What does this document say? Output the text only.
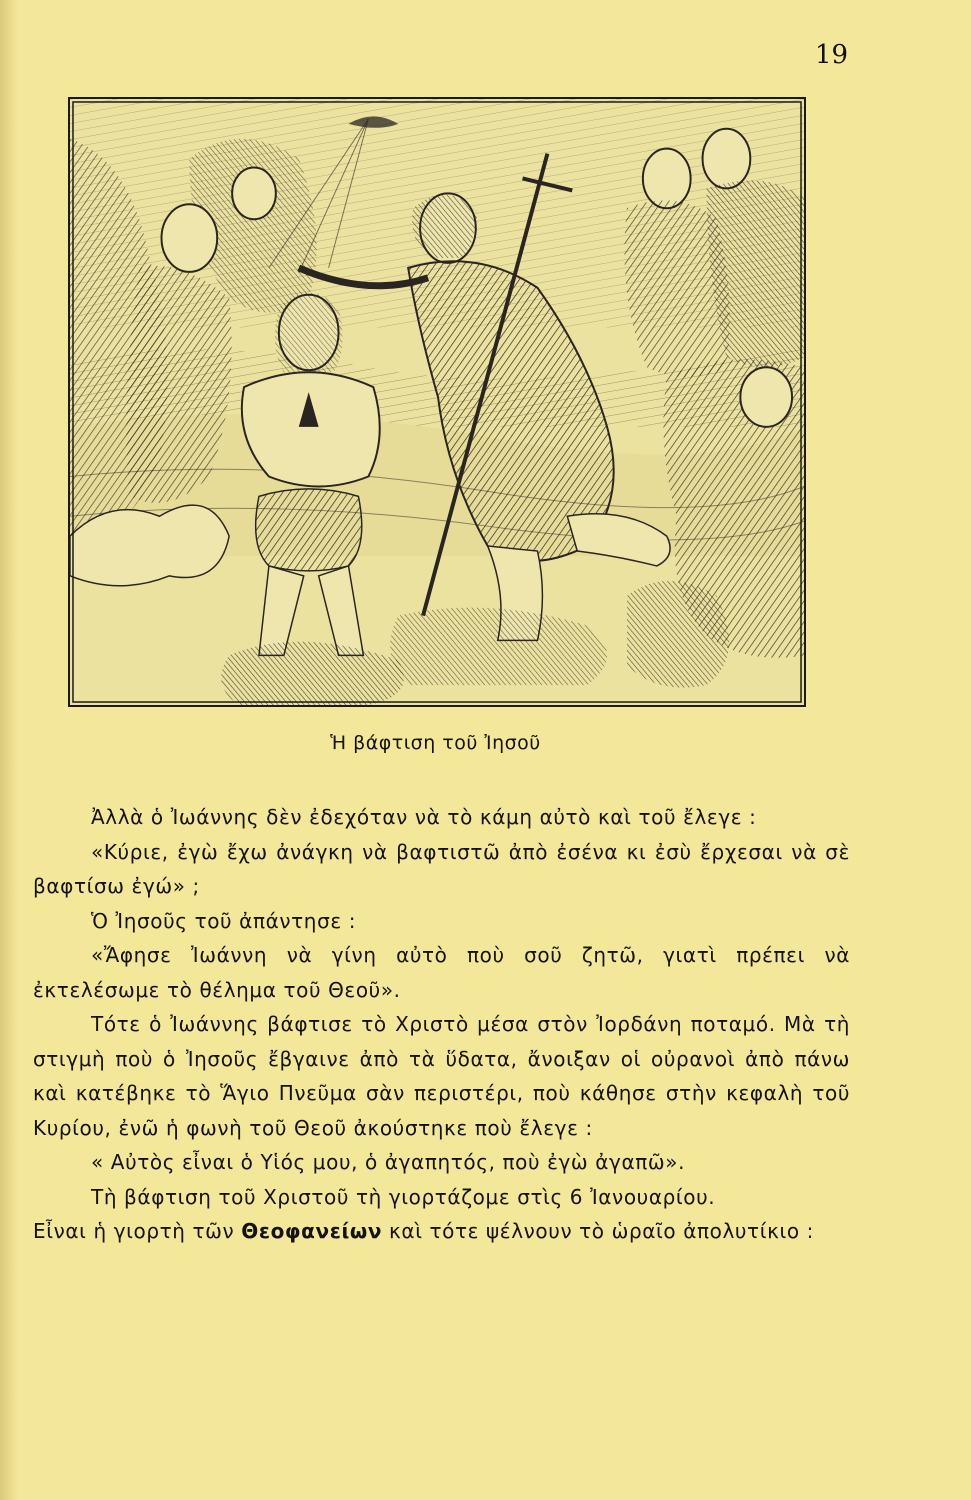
19
Ἡ βάφτιση τοῦ Ἰησοῦ

Ἀλλὰ ὁ Ἰωάννης δὲν ἐδεχόταν νὰ τὸ κάμη αὐτὸ καὶ τοῦ ἔλεγε :

«Κύριε, ἐγὼ ἔχω ἀνάγκη νὰ βαφτιστῶ ἀπὸ ἐσένα κι ἐσὺ ἔρχεσαι νὰ σὲ βαφτίσω ἐγώ» ;

Ὁ Ἰησοῦς τοῦ ἀπάντησε :

«Ἄφησε Ἰωάννη νὰ γίνη αὐτὸ ποὺ σοῦ ζητῶ, γιατὶ πρέπει νὰ ἐκτελέσωμε τὸ θέλημα τοῦ Θεοῦ».

Τότε ὁ Ἰωάννης βάφτισε τὸ Χριστὸ μέσα στὸν Ἰορδάνη ποταμό. Μὰ τὴ στιγμὴ ποὺ ὁ Ἰησοῦς ἔβγαινε ἀπὸ τὰ ὕδατα, ἄνοιξαν οἱ οὐρανοὶ ἀπὸ πάνω καὶ κατέβηκε τὸ Ἅγιο Πνεῦμα σὰν περιστέρι, ποὺ κάθησε στὴν κεφαλὴ τοῦ Κυρίου, ἐνῶ ἡ φωνὴ τοῦ Θεοῦ ἀκούστηκε ποὺ ἔλεγε :

« Αὐτὸς εἶναι ὁ Υἱός μου, ὁ ἀγαπητός, ποὺ ἐγὼ ἀγαπῶ».

Τὴ βάφτιση τοῦ Χριστοῦ τὴ γιορτάζομε στὶς 6 Ἰανουαρίου.

Εἶναι ἡ γιορτὴ τῶν Θεοφανείων καὶ τότε ψέλνουν τὸ ὡραῖο ἀπολυτίκιο :
